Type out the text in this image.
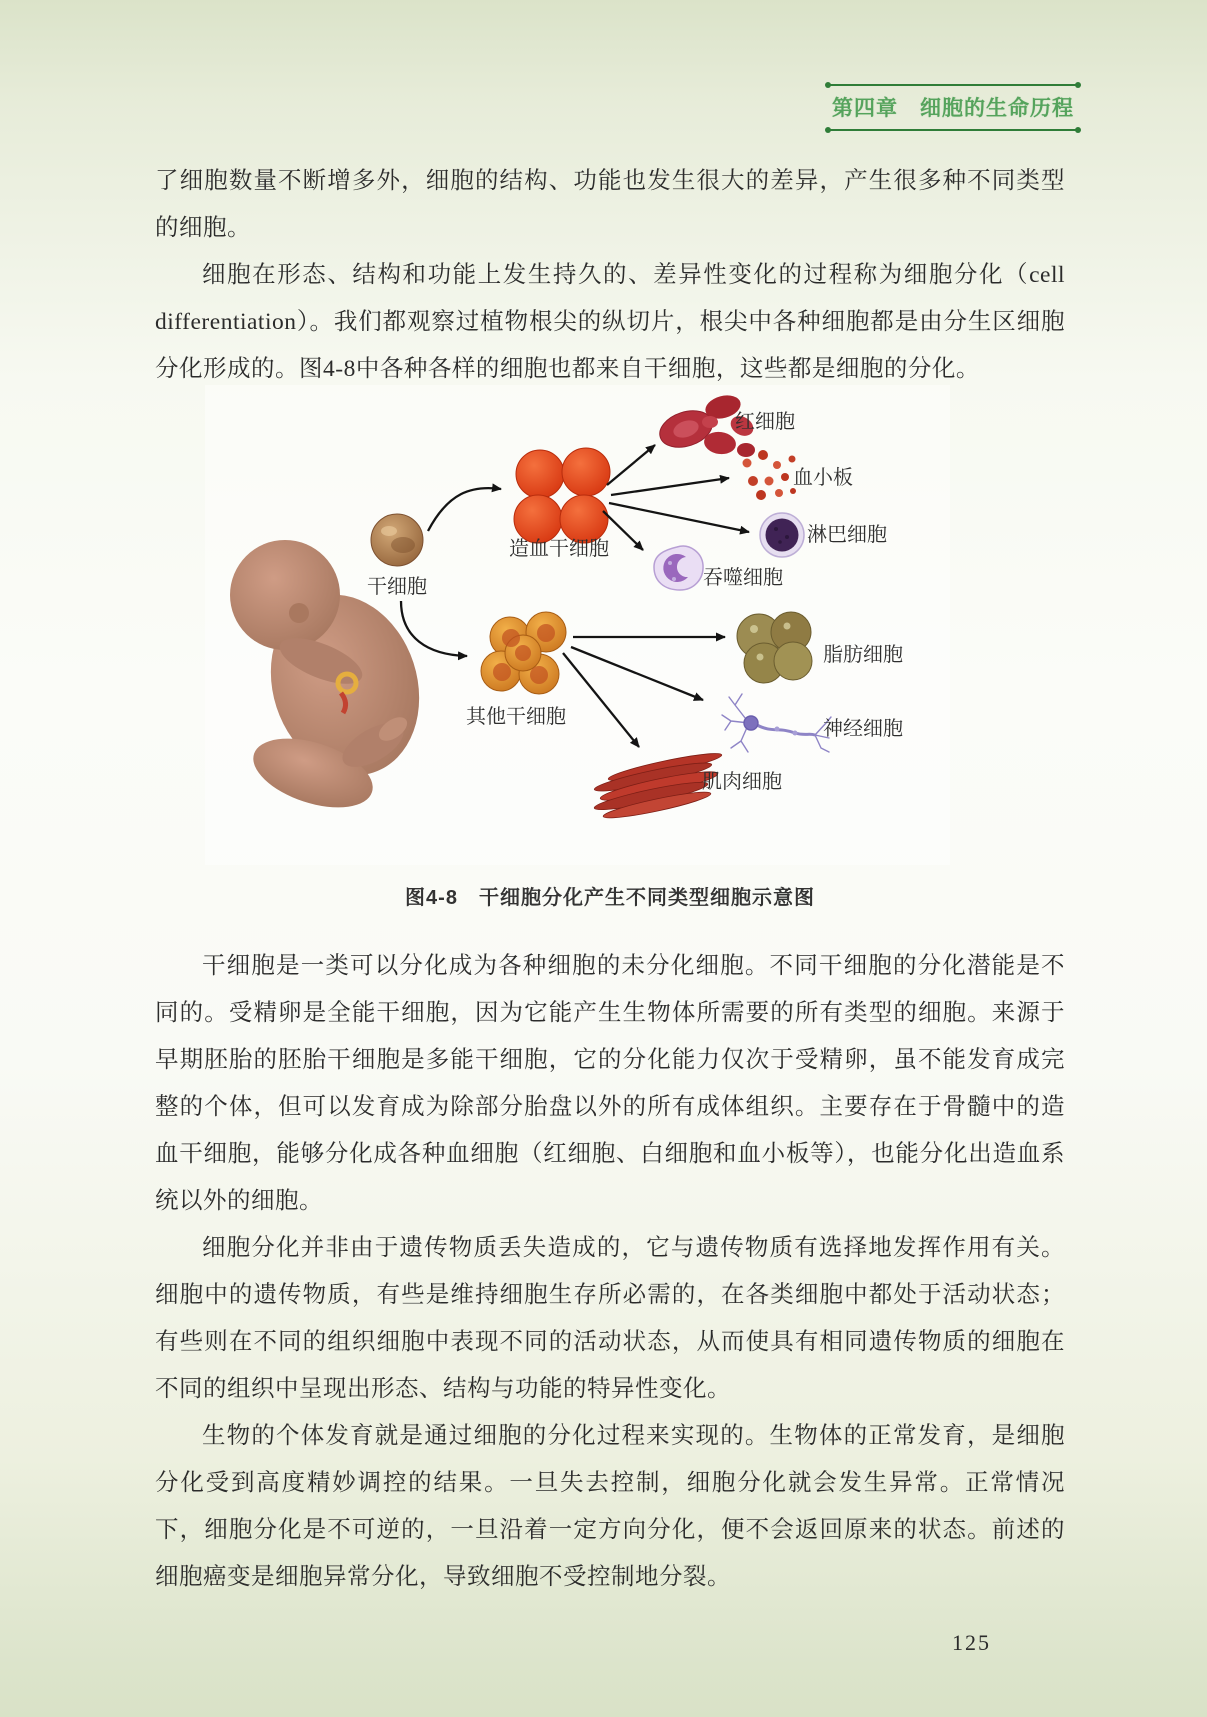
第四章　细胞的生命历程
了细胞数量不断增多外，细胞的结构、功能也发生很大的差异，产生很多种不同类型
的细胞。
细胞在形态、结构和功能上发生持久的、差异性变化的过程称为细胞分化（cell
differentiation）。我们都观察过植物根尖的纵切片，根尖中各种细胞都是由分生区细胞
分化形成的。图4-8中各种各样的细胞也都来自干细胞，这些都是细胞的分化。
干细胞
造血干细胞
红细胞
血小板
淋巴细胞
吞噬细胞
其他干细胞
脂肪细胞
神经细胞
肌肉细胞
图4-8　干细胞分化产生不同类型细胞示意图
干细胞是一类可以分化成为各种细胞的未分化细胞。不同干细胞的分化潜能是不
同的。受精卵是全能干细胞，因为它能产生生物体所需要的所有类型的细胞。来源于
早期胚胎的胚胎干细胞是多能干细胞，它的分化能力仅次于受精卵，虽不能发育成完
整的个体，但可以发育成为除部分胎盘以外的所有成体组织。主要存在于骨髓中的造
血干细胞，能够分化成各种血细胞（红细胞、白细胞和血小板等），也能分化出造血系
统以外的细胞。
细胞分化并非由于遗传物质丢失造成的，它与遗传物质有选择地发挥作用有关。
细胞中的遗传物质，有些是维持细胞生存所必需的，在各类细胞中都处于活动状态；
有些则在不同的组织细胞中表现不同的活动状态，从而使具有相同遗传物质的细胞在
不同的组织中呈现出形态、结构与功能的特异性变化。
生物的个体发育就是通过细胞的分化过程来实现的。生物体的正常发育，是细胞
分化受到高度精妙调控的结果。一旦失去控制，细胞分化就会发生异常。正常情况
下，细胞分化是不可逆的，一旦沿着一定方向分化，便不会返回原来的状态。前述的
细胞癌变是细胞异常分化，导致细胞不受控制地分裂。
125
